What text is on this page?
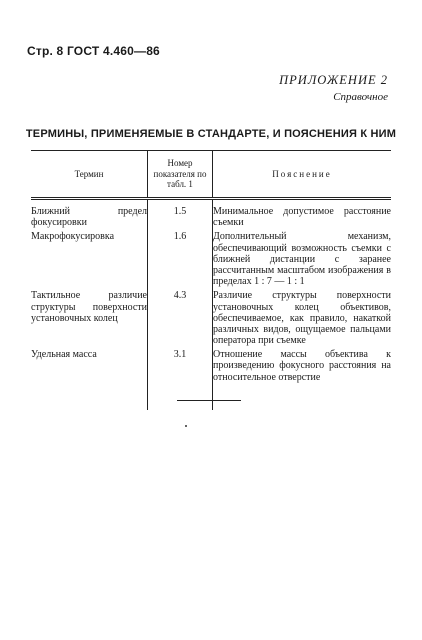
Стр. 8 ГОСТ 4.460—86
ПРИЛОЖЕНИЕ 2
Справочное
ТЕРМИНЫ, ПРИМЕНЯЕМЫЕ В СТАНДАРТЕ, И ПОЯСНЕНИЯ К НИМ
Термин	Номер показателя по табл. 1	Пояснение
Ближний предел фокусировки	1.5	Минимальное допустимое расстояние съемки
Макрофокусировка	1.6	Дополнительный механизм, обеспечивающий возможность съемки с ближней дистанции с заранее рассчитанным масштабом изображения в пределах 1 : 7 — 1 : 1
Тактильное различие структуры поверхности установочных колец	4.3	Различие структуры поверхности установочных колец объективов, обеспечиваемое, как правило, накаткой различных видов, ощущаемое пальцами оператора при съемке
Удельная масса	3.1	Отношение массы объектива к произведению фокусного расстояния на относительное отверстие
